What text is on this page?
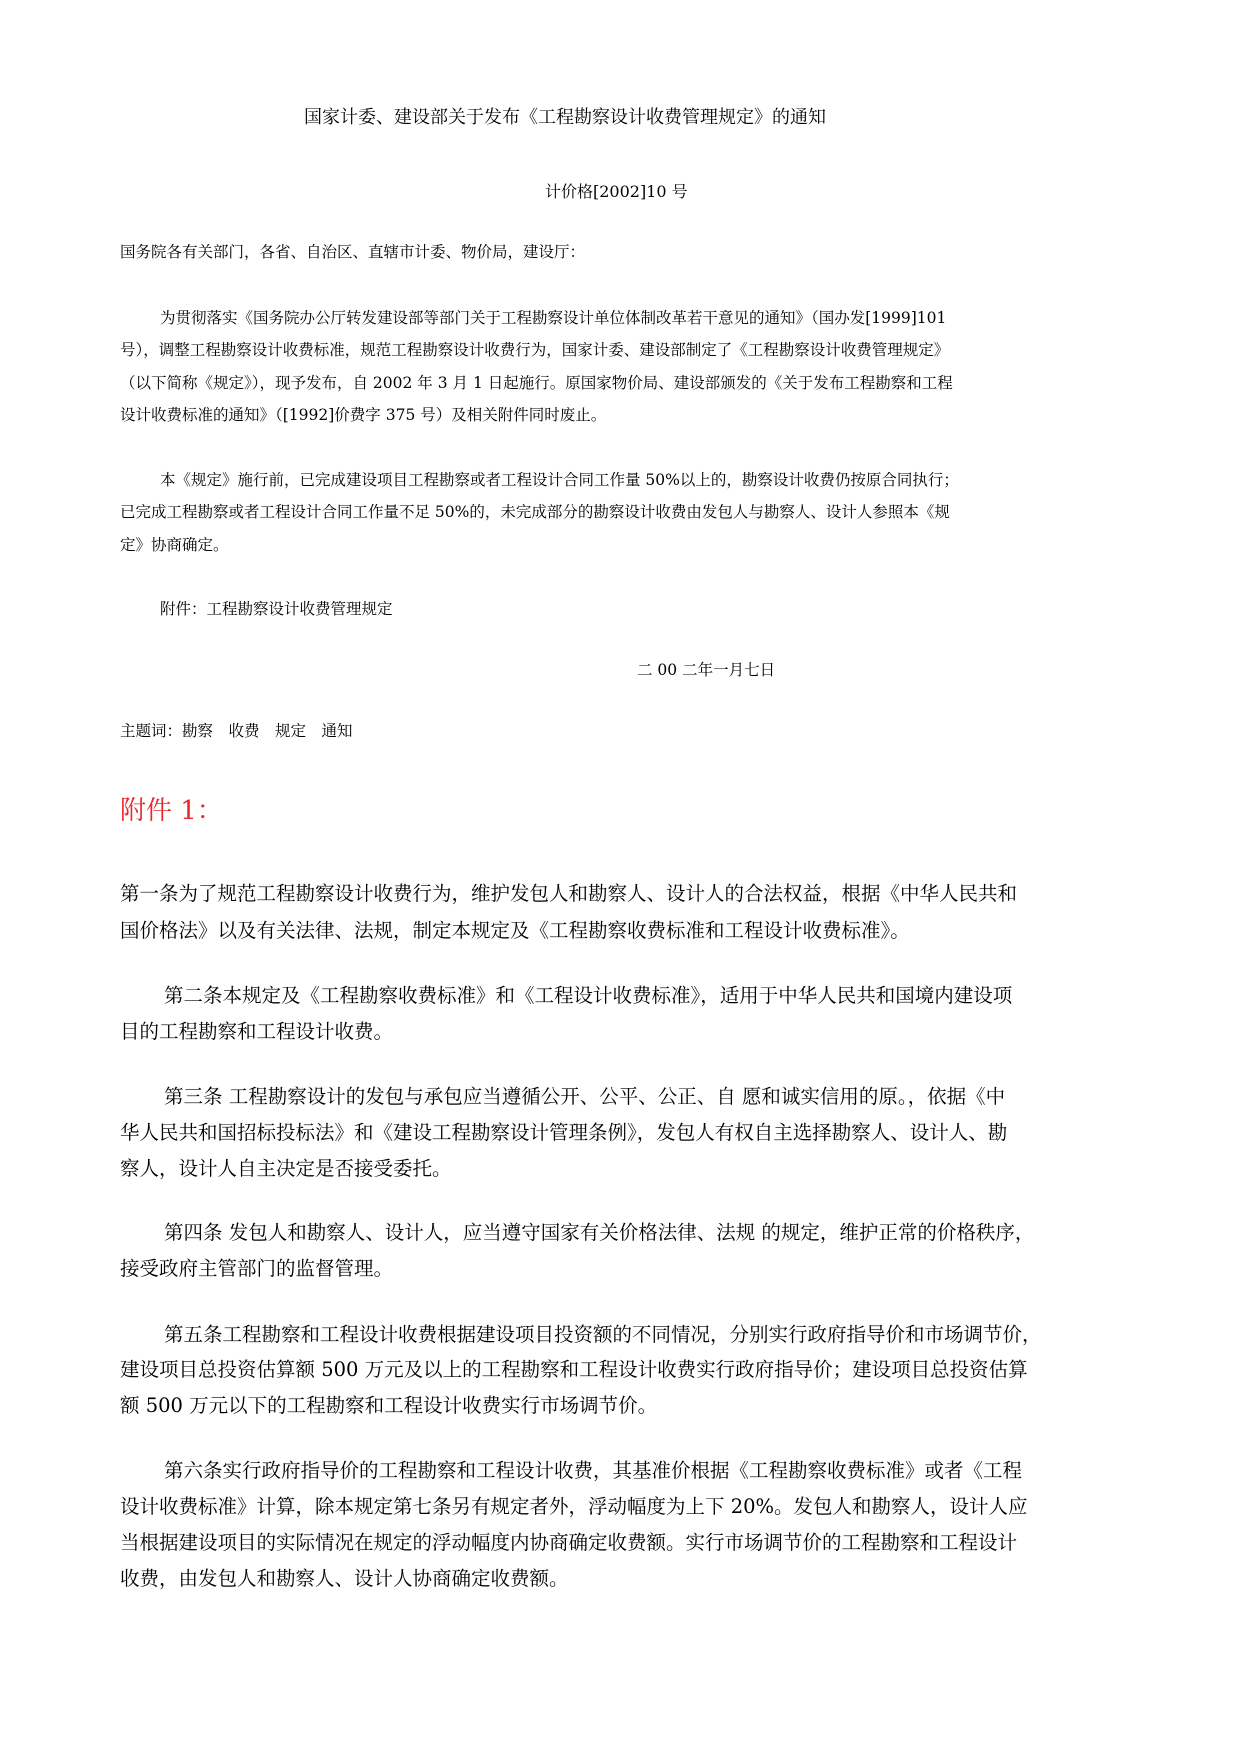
国家计委、建设部关于发布《工程勘察设计收费管理规定》的通知

计价格[2002]10 号

国务院各有关部门，各省、自治区、直辖市计委、物价局，建设厅：

为贯彻落实《国务院办公厅转发建设部等部门关于工程勘察设计单位体制改革若干意见的通知》（国办发[1999]101

号），调整工程勘察设计收费标准，规范工程勘察设计收费行为，国家计委、建设部制定了《工程勘察设计收费管理规定》

（以下简称《规定》），现予发布，自 2002 年 3 月 1 日起施行。原国家物价局、建设部颁发的《关于发布工程勘察和工程

设计收费标准的通知》（[1992]价费字 375 号）及相关附件同时废止。

本《规定》施行前，已完成建设项目工程勘察或者工程设计合同工作量 50%以上的，勘察设计收费仍按原合同执行；

已完成工程勘察或者工程设计合同工作量不足 50%的，未完成部分的勘察设计收费由发包人与勘察人、设计人参照本《规

定》协商确定。

附件：工程勘察设计收费管理规定

二 00 二年一月七日

主题词：勘察　收费　规定　通知

附件 1：

第一条为了规范工程勘察设计收费行为，维护发包人和勘察人、设计人的合法权益，根据《中华人民共和

国价格法》以及有关法律、法规，制定本规定及《工程勘察收费标准和工程设计收费标准》。

第二条本规定及《工程勘察收费标准》和《工程设计收费标准》，适用于中华人民共和国境内建设项

目的工程勘察和工程设计收费。

第三条 工程勘察设计的发包与承包应当遵循公开、公平、公正、自 愿和诚实信用的原。，依据《中

华人民共和国招标投标法》和《建设工程勘察设计管理条例》，发包人有权自主选择勘察人、设计人、勘

察人，设计人自主决定是否接受委托。

第四条 发包人和勘察人、设计人，应当遵守国家有关价格法律、法规 的规定，维护正常的价格秩序，

接受政府主管部门的监督管理。

第五条工程勘察和工程设计收费根据建设项目投资额的不同情况，分别实行政府指导价和市场调节价，

建设项目总投资估算额 500 万元及以上的工程勘察和工程设计收费实行政府指导价；建设项目总投资估算

额 500 万元以下的工程勘察和工程设计收费实行市场调节价。

第六条实行政府指导价的工程勘察和工程设计收费，其基准价根据《工程勘察收费标准》或者《工程

设计收费标准》计算，除本规定第七条另有规定者外，浮动幅度为上下 20%。发包人和勘察人，设计人应

当根据建设项目的实际情况在规定的浮动幅度内协商确定收费额。实行市场调节价的工程勘察和工程设计

收费，由发包人和勘察人、设计人协商确定收费额。
